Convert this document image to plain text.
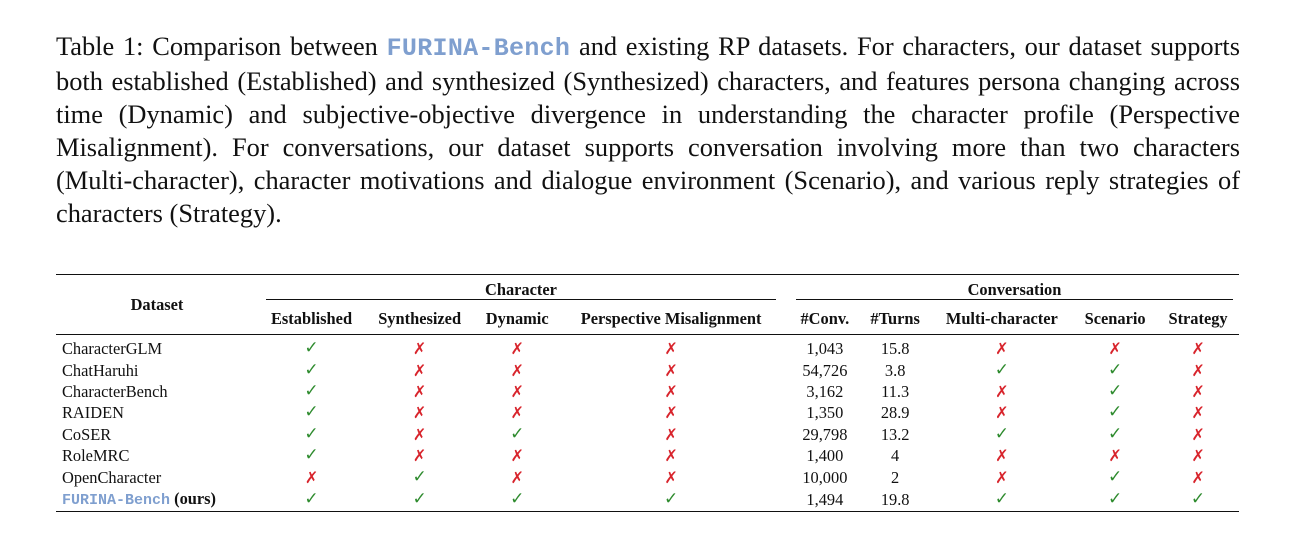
Table 1: Comparison between FURINA-Bench and existing RP datasets. For characters, our dataset supports both established (Established) and synthesized (Synthesized) characters, and features persona changing across time (Dynamic) and subjective-objective divergence in understanding the character profile (Perspective Misalignment). For conversations, our dataset supports conversation involving more than two characters (Multi-character), character motivations and dialogue environment (Scenario), and various reply strategies of characters (Strategy).

Dataset	Character					Conversation				

	Established	Synthesized	Dynamic	Perspective Misalignment		#Conv.	#Turns	Multi-character	Scenario	Strategy
CharacterGLM	✓	✗	✗	✗		1,043	15.8	✗	✗	✗
ChatHaruhi	✓	✗	✗	✗		54,726	3.8	✓	✓	✗
CharacterBench	✓	✗	✗	✗		3,162	11.3	✗	✓	✗
RAIDEN	✓	✗	✗	✗		1,350	28.9	✗	✓	✗
CoSER	✓	✗	✓	✗		29,798	13.2	✓	✓	✗
RoleMRC	✓	✗	✗	✗		1,400	4	✗	✗	✗
OpenCharacter	✗	✓	✗	✗		10,000	2	✗	✓	✗
FURINA-Bench (ours)	✓	✓	✓	✓		1,494	19.8	✓	✓	✓
